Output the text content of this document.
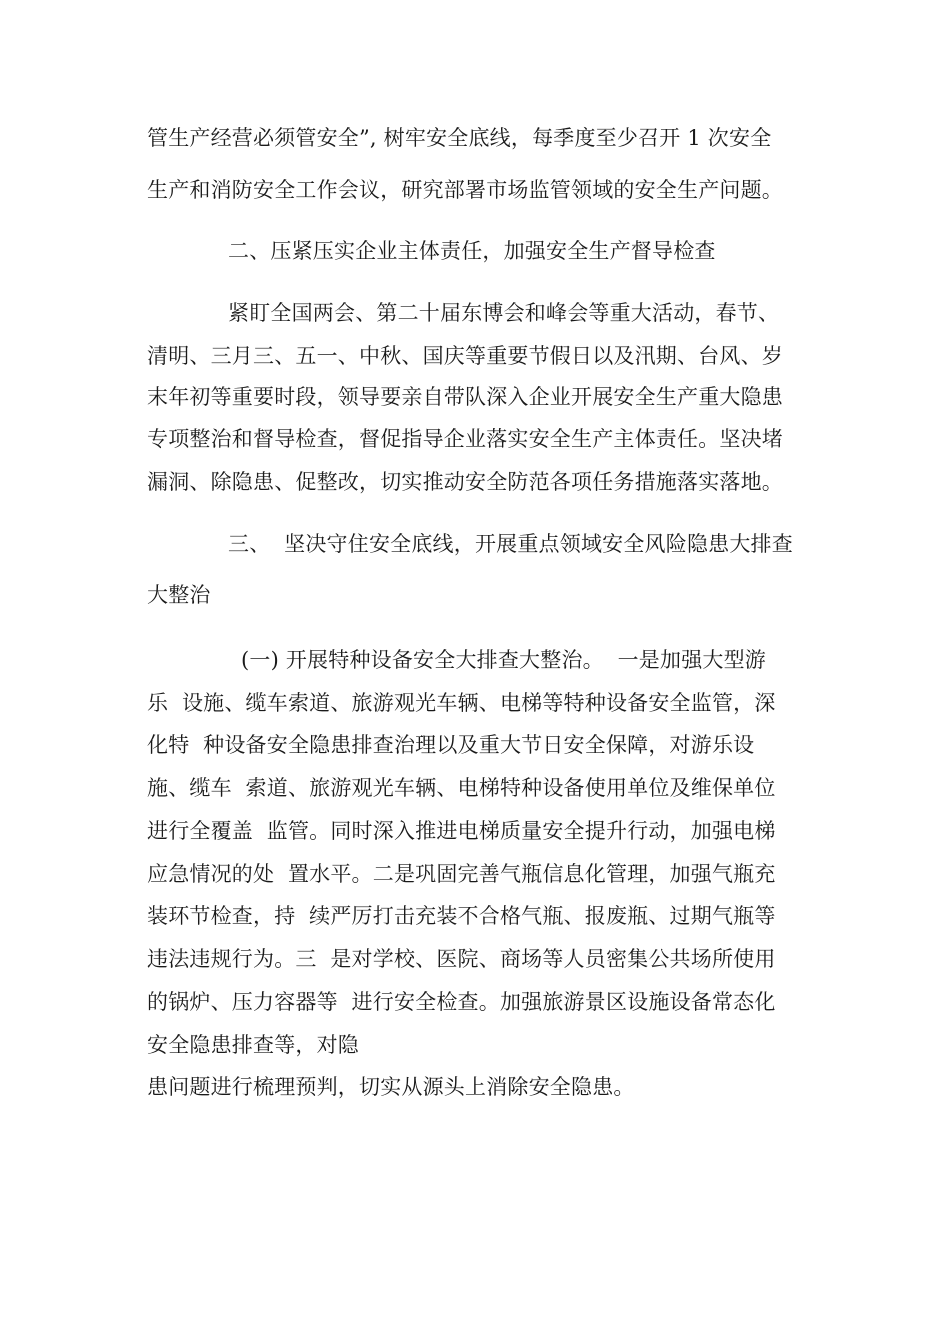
管生产经营必须管安全”, 树牢安全底线，每季度至少召开 1 次安全
生产和消防安全工作会议，研究部署市场监管领域的安全生产问题。
二、压紧压实企业主体责任，加强安全生产督导检查
紧盯全国两会、第二十届东博会和峰会等重大活动，春节、
清明、三月三、五一、中秋、国庆等重要节假日以及汛期、台风、岁
末年初等重要时段，领导要亲自带队深入企业开展安全生产重大隐患
专项整治和督导检查，督促指导企业落实安全生产主体责任。坚决堵
漏洞、除隐患、促整改，切实推动安全防范各项任务措施落实落地。
三、  坚决守住安全底线，开展重点领域安全风险隐患大排查
大整治
(一) 开展特种设备安全大排查大整治。  一是加强大型游
乐  设施、缆车索道、旅游观光车辆、电梯等特种设备安全监管，深
化特  种设备安全隐患排查治理以及重大节日安全保障，对游乐设
施、缆车  索道、旅游观光车辆、电梯特种设备使用单位及维保单位
进行全覆盖  监管。同时深入推进电梯质量安全提升行动，加强电梯
应急情况的处  置水平。二是巩固完善气瓶信息化管理，加强气瓶充
装环节检查，持  续严厉打击充装不合格气瓶、报废瓶、过期气瓶等
违法违规行为。三  是对学校、医院、商场等人员密集公共场所使用
的锅炉、压力容器等  进行安全检查。加强旅游景区设施设备常态化
安全隐患排查等，对隐
患问题进行梳理预判，切实从源头上消除安全隐患。
